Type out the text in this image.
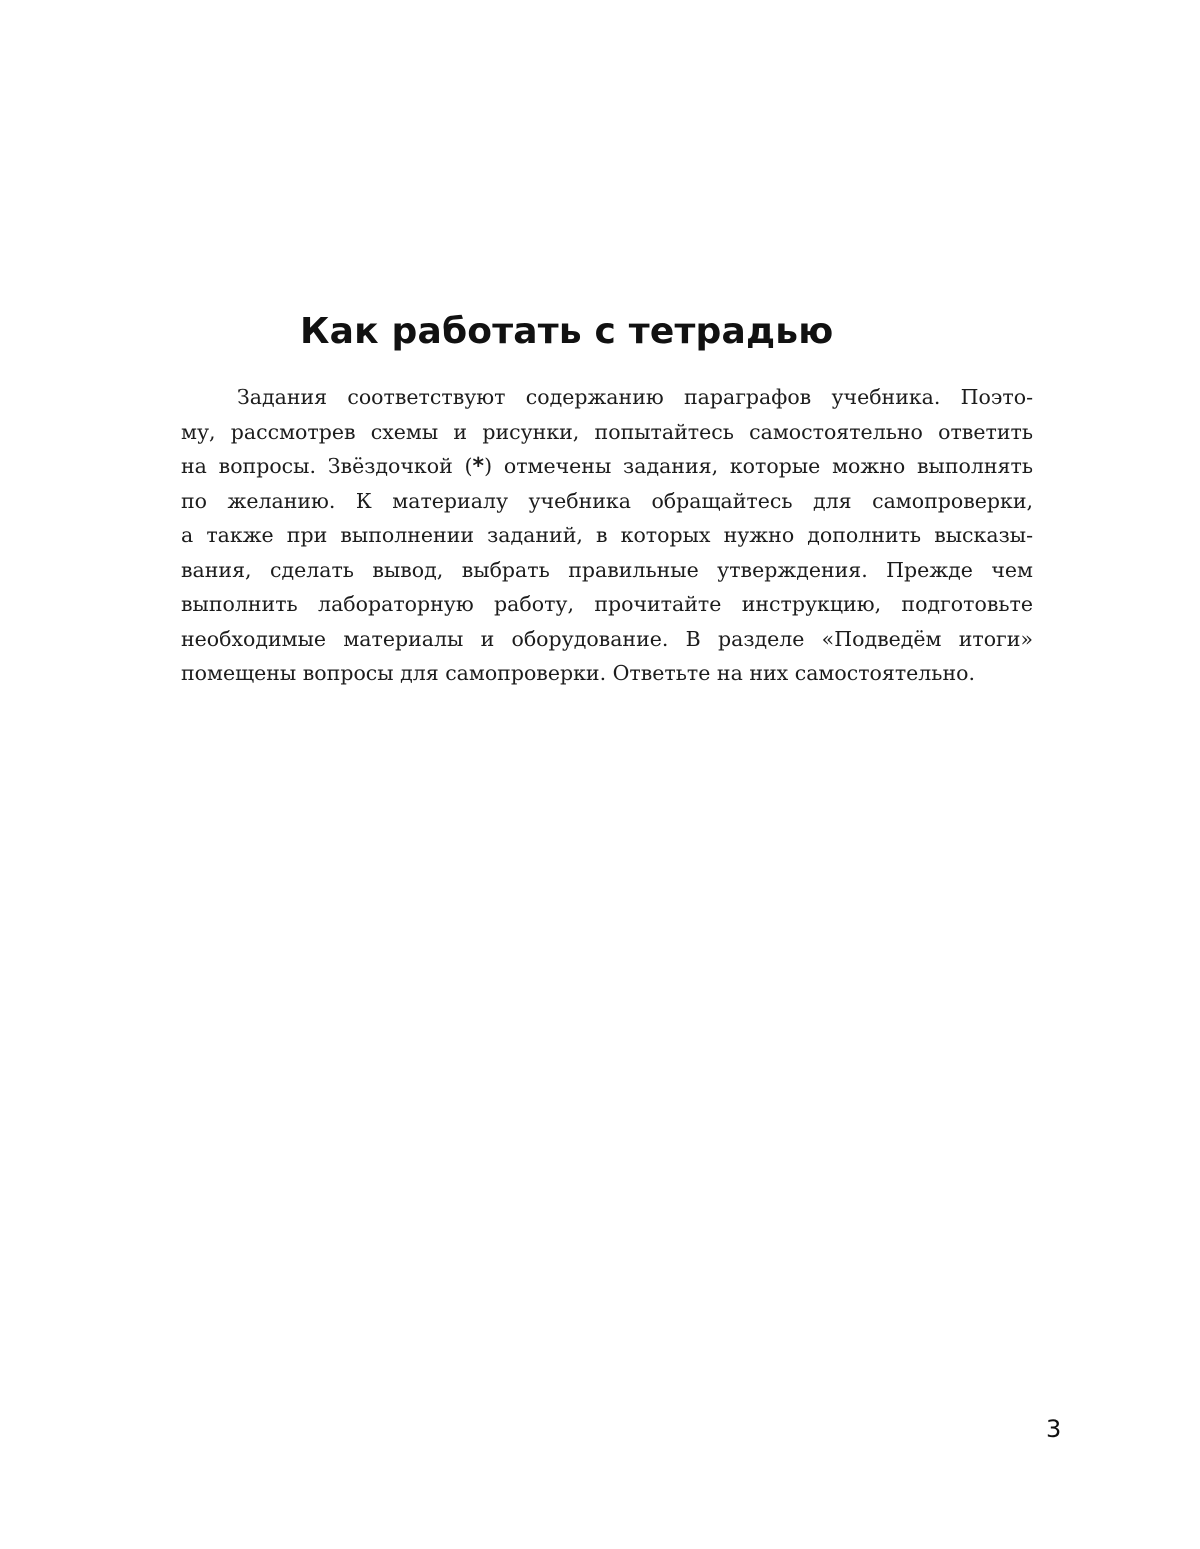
Как работать с тетрадью
Задания соответствуют содержанию параграфов учебника. Поэто-
му, рассмотрев схемы и рисунки, попытайтесь самостоятельно ответить
на вопросы. Звёздочкой (*) отмечены задания, которые можно выполнять
по желанию. К материалу учебника обращайтесь для самопроверки,
а также при выполнении заданий, в которых нужно дополнить высказы-
вания, сделать вывод, выбрать правильные утверждения. Прежде чем
выполнить лабораторную работу, прочитайте инструкцию, подготовьте
необходимые материалы и оборудование. В разделе «Подведём итоги»
помещены вопросы для самопроверки. Ответьте на них самостоятельно.
3
